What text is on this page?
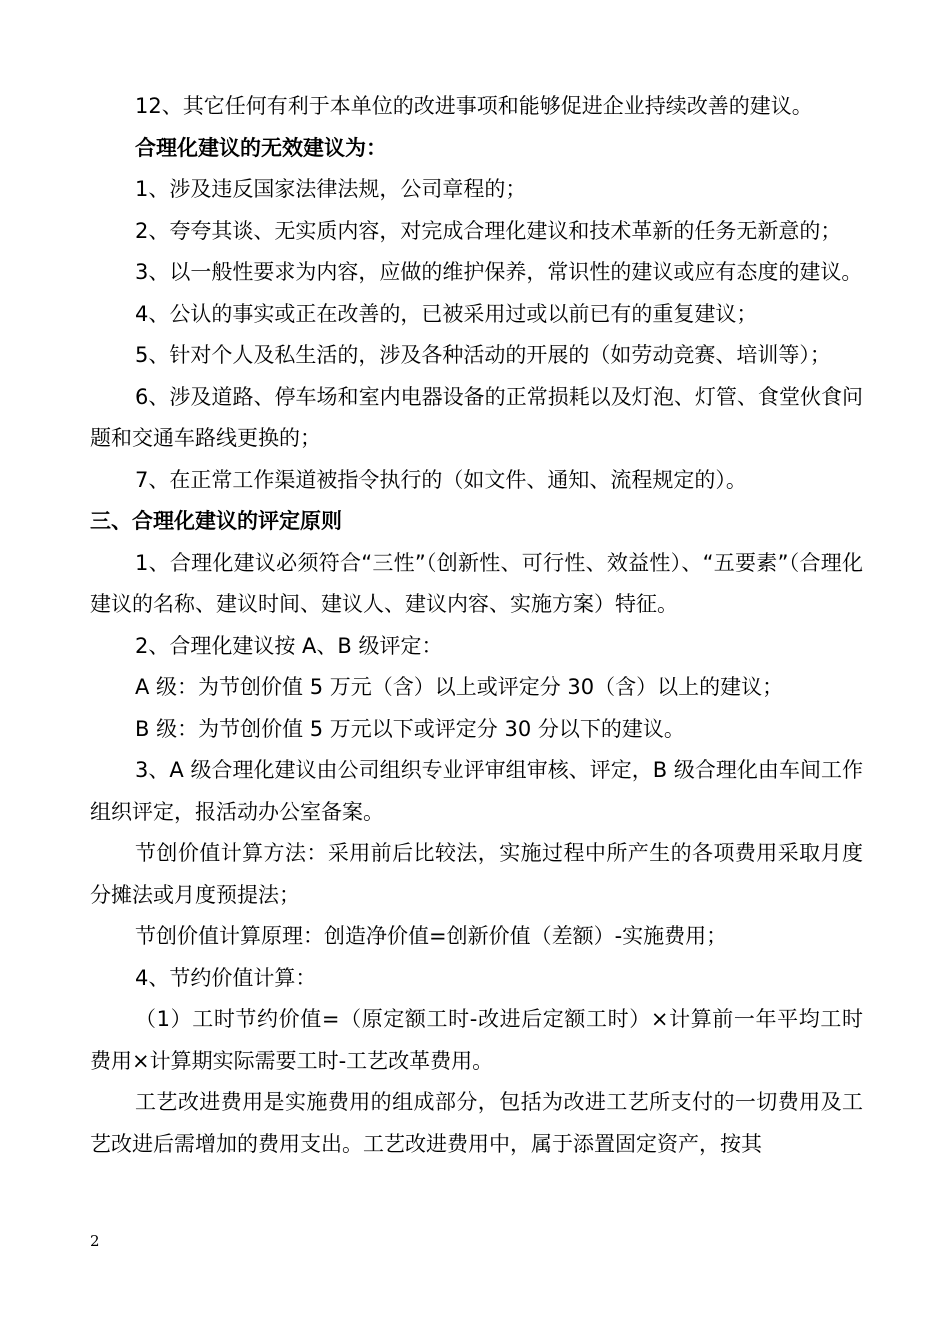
12、其它任何有利于本单位的改进事项和能够促进企业持续改善的建议。

合理化建议的无效建议为：

1、涉及违反国家法律法规，公司章程的；

2、夸夸其谈、无实质内容，对完成合理化建议和技术革新的任务无新意的；

3、以一般性要求为内容，应做的维护保养，常识性的建议或应有态度的建议。

4、公认的事实或正在改善的，已被采用过或以前已有的重复建议；

5、针对个人及私生活的，涉及各种活动的开展的（如劳动竞赛、培训等）；

6、涉及道路、停车场和室内电器设备的正常损耗以及灯泡、灯管、食堂伙食问题和交通车路线更换的；

7、在正常工作渠道被指令执行的（如文件、通知、流程规定的）。

三、合理化建议的评定原则

1、合理化建议必须符合“三性”（创新性、可行性、效益性）、“五要素”（合理化建议的名称、建议时间、建议人、建议内容、实施方案）特征。

2、合理化建议按 A、B 级评定：

A 级：为节创价值 5 万元（含）以上或评定分 30（含）以上的建议；

B 级：为节创价值 5 万元以下或评定分 30 分以下的建议。

3、A 级合理化建议由公司组织专业评审组审核、评定，B 级合理化由车间工作组织评定，报活动办公室备案。

节创价值计算方法：采用前后比较法，实施过程中所产生的各项费用采取月度分摊法或月度预提法；

节创价值计算原理：创造净价值=创新价值（差额）-实施费用；

4、节约价值计算：

（1）工时节约价值=（原定额工时-改进后定额工时）×计算前一年平均工时费用×计算期实际需要工时-工艺改革费用。

工艺改进费用是实施费用的组成部分，包括为改进工艺所支付的一切费用及工艺改进后需增加的费用支出。工艺改进费用中，属于添置固定资产，按其

2
